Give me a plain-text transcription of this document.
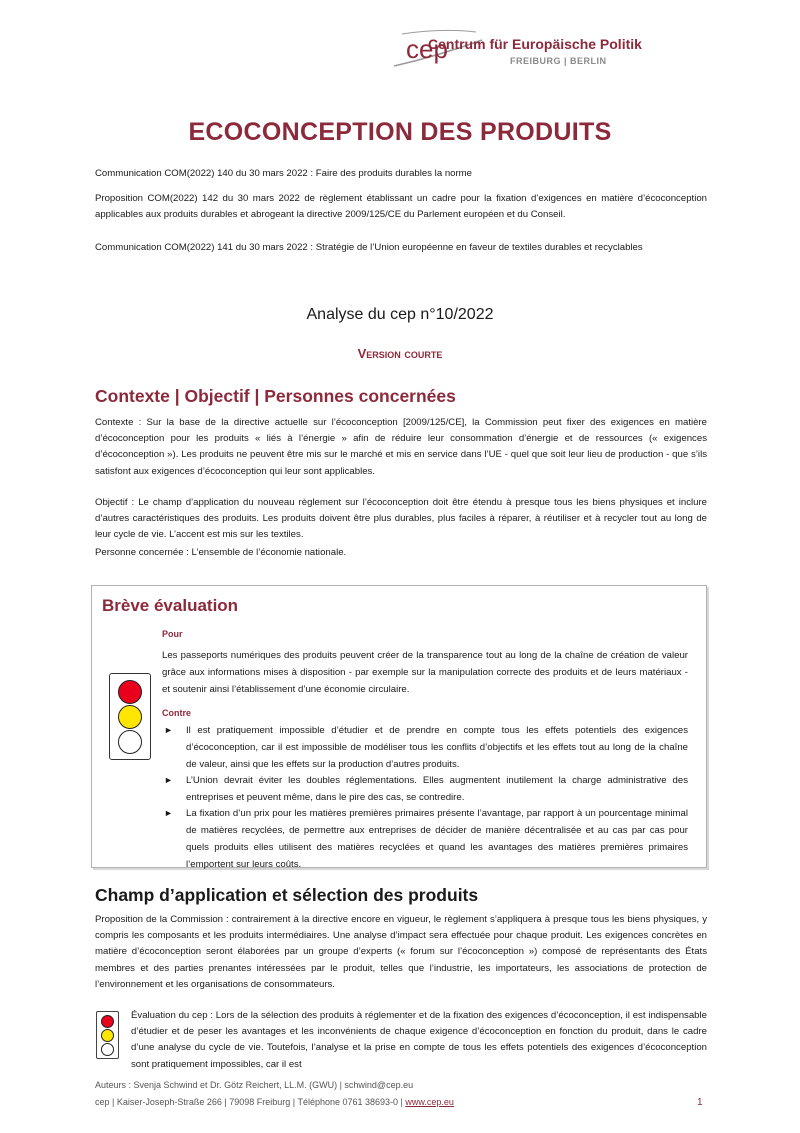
cep
Centrum für Europäische Politik
FREIBURG | BERLIN
ECOCONCEPTION DES PRODUITS
Communication COM(2022) 140 du 30 mars 2022 : Faire des produits durables la norme
Proposition COM(2022) 142 du 30 mars 2022 de règlement établissant un cadre pour la fixation d’exigences en matière d’écoconception applicables aux produits durables et abrogeant la directive 2009/125/CE du Parlement européen et du Conseil.
Communication COM(2022) 141 du 30 mars 2022 : Stratégie de l’Union européenne en faveur de textiles durables et recyclables
Analyse du cep n°10/2022
Version courte
Contexte | Objectif | Personnes concernées
Contexte : Sur la base de la directive actuelle sur l’écoconception [2009/125/CE], la Commission peut fixer des exigences en matière d’écoconception pour les produits « liés à l’énergie » afin de réduire leur consommation d’énergie et de ressources (« exigences d’écoconception »). Les produits ne peuvent être mis sur le marché et mis en service dans l’UE - quel que soit leur lieu de production - que s’ils satisfont aux exigences d’écoconception qui leur sont applicables.
Objectif : Le champ d’application du nouveau règlement sur l’écoconception doit être étendu à presque tous les biens physiques et inclure d’autres caractéristiques des produits. Les produits doivent être plus durables, plus faciles à réparer, à réutiliser et à recycler tout au long de leur cycle de vie. L’accent est mis sur les textiles.
Personne concernée : L’ensemble de l’économie nationale.
Brève évaluation
Pour
Les passeports numériques des produits peuvent créer de la transparence tout au long de la chaîne de création de valeur grâce aux informations mises à disposition - par exemple sur la manipulation correcte des produits et de leurs matériaux - et soutenir ainsi l’établissement d’une économie circulaire.
Contre
► Il est pratiquement impossible d’étudier et de prendre en compte tous les effets potentiels des exigences d’écoconception, car il est impossible de modéliser tous les conflits d’objectifs et les effets tout au long de la chaîne de valeur, ainsi que les effets sur la production d’autres produits.
► L’Union devrait éviter les doubles réglementations. Elles augmentent inutilement la charge administrative des entreprises et peuvent même, dans le pire des cas, se contredire.
► La fixation d’un prix pour les matières premières primaires présente l’avantage, par rapport à un pourcentage minimal de matières recyclées, de permettre aux entreprises de décider de manière décentralisée et au cas par cas pour quels produits elles utilisent des matières recyclées et quand les avantages des matières premières primaires l’emportent sur leurs coûts.
Champ d’application et sélection des produits
Proposition de la Commission : contrairement à la directive encore en vigueur, le règlement s’appliquera à presque tous les biens physiques, y compris les composants et les produits intermédiaires. Une analyse d’impact sera effectuée pour chaque produit. Les exigences concrètes en matière d’écoconception seront élaborées par un groupe d’experts (« forum sur l’écoconception ») composé de représentants des États membres et des parties prenantes intéressées par le produit, telles que l’industrie, les importateurs, les associations de protection de l’environnement et les organisations de consommateurs.
Évaluation du cep : Lors de la sélection des produits à réglementer et de la fixation des exigences d’écoconception, il est indispensable d’étudier et de peser les avantages et les inconvénients de chaque exigence d’écoconception en fonction du produit, dans le cadre d’une analyse du cycle de vie. Toutefois, l’analyse et la prise en compte de tous les effets potentiels des exigences d’écoconception sont pratiquement impossibles, car il est
Auteurs : Svenja Schwind et Dr. Götz Reichert, LL.M. (GWU) | schwind@cep.eu
cep | Kaiser-Joseph-Straße 266 | 79098 Freiburg | Téléphone 0761 38693-0 | www.cep.eu	1
